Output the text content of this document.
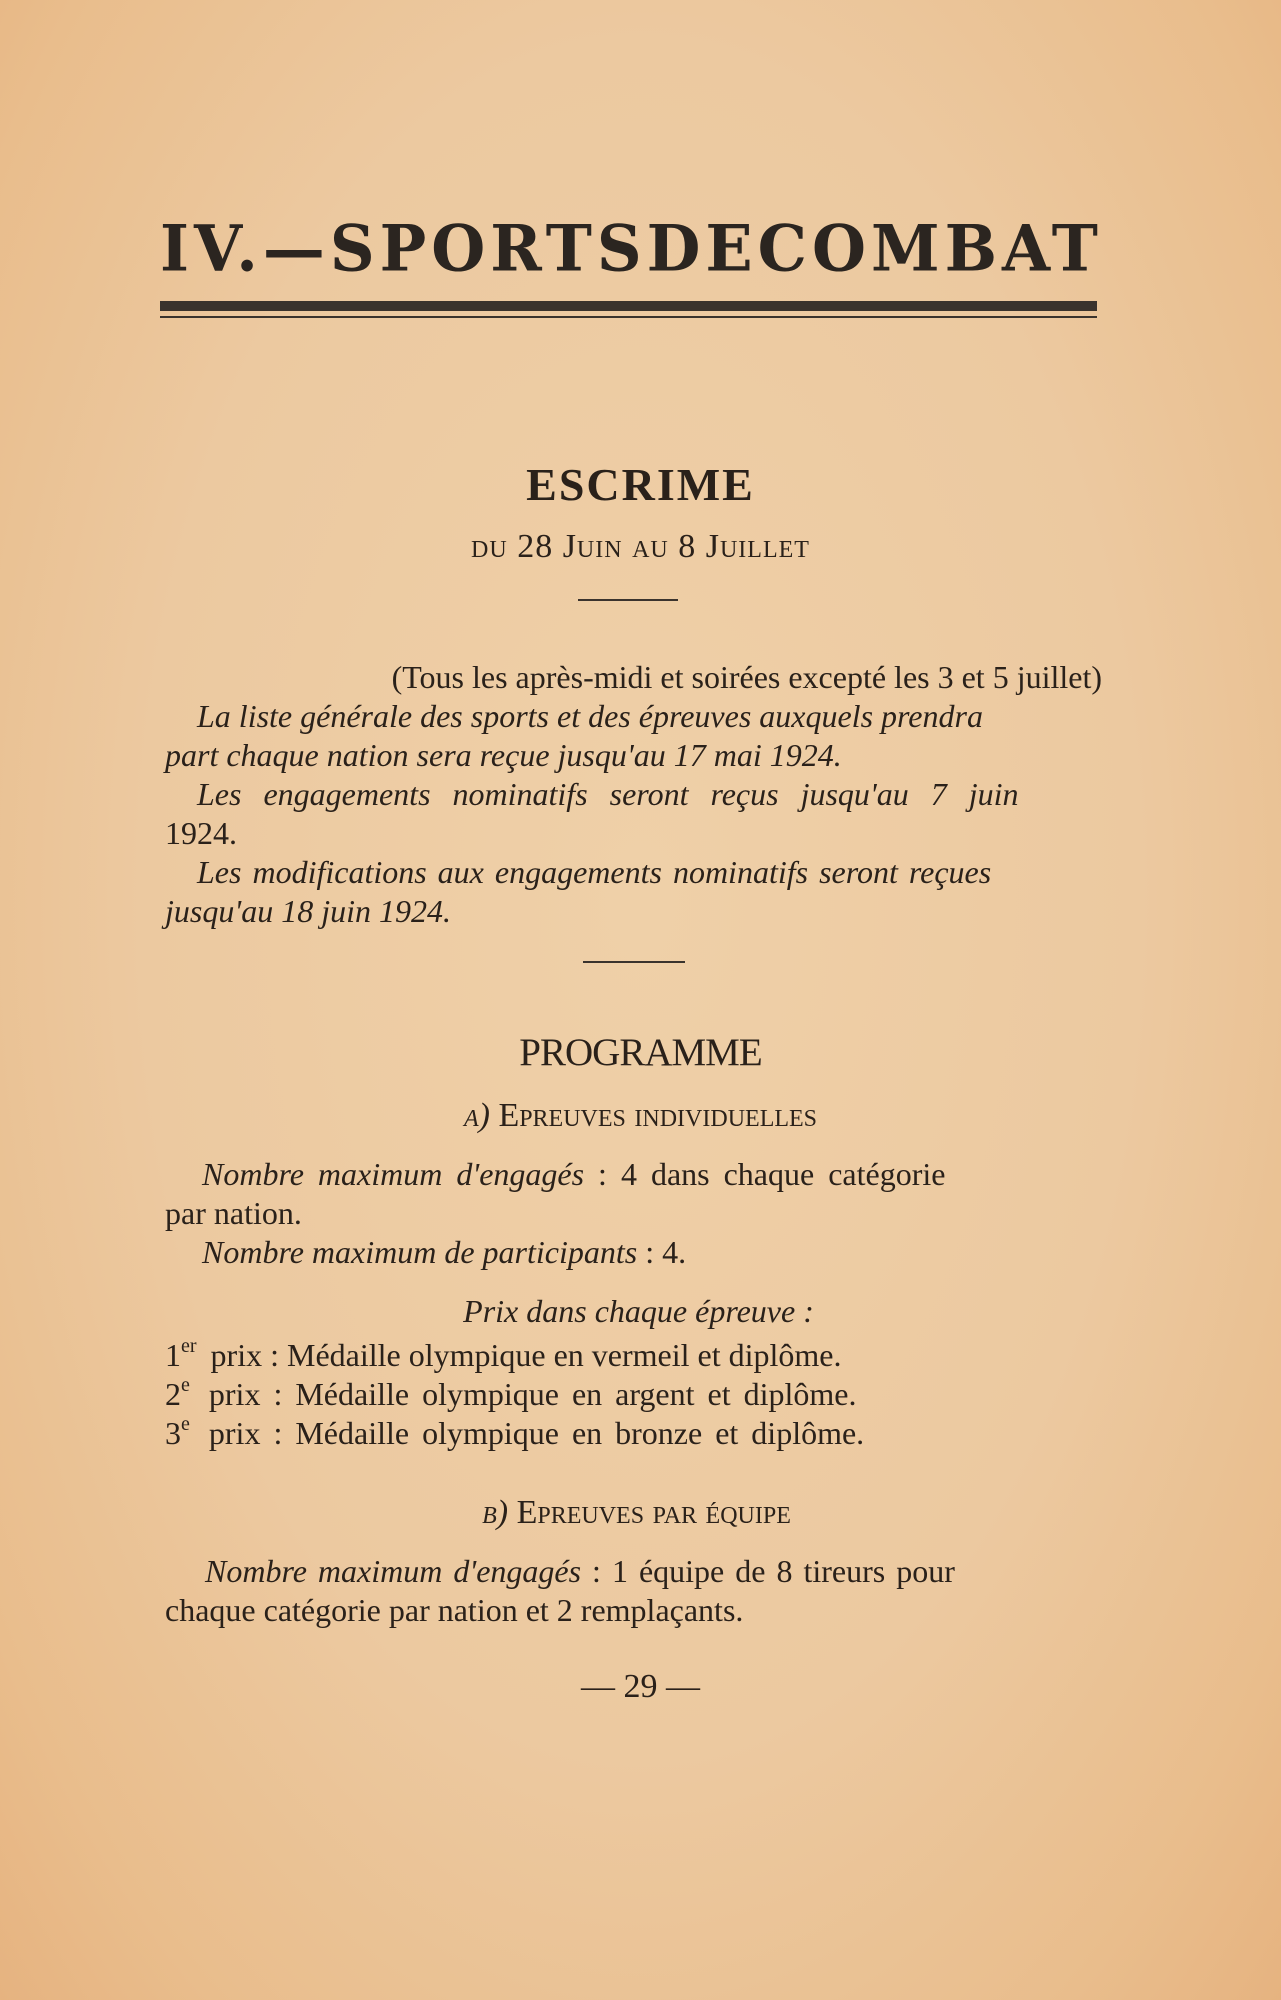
IV. — SPORTS DE COMBAT
ESCRIME
du 28 Juin au 8 Juillet
(Tous les après-midi et soirées excepté les 3 et 5 juillet)
La liste générale des sports et des épreuves auxquels prendra
part chaque nation sera reçue jusqu'au 17 mai 1924.
Les engagements nominatifs seront reçus jusqu'au 7 juin
1924.
Les modifications aux engagements nominatifs seront reçues
jusqu'au 18 juin 1924.
PROGRAMME
a) Epreuves individuelles
Nombre maximum d'engagés : 4 dans chaque catégorie
par nation.
Nombre maximum de participants : 4.
Prix dans chaque épreuve :
1er prix : Médaille olympique en vermeil et diplôme.
2e prix : Médaille olympique en argent et diplôme.
3e prix : Médaille olympique en bronze et diplôme.
b) Epreuves par équipe
Nombre maximum d'engagés : 1 équipe de 8 tireurs pour
chaque catégorie par nation et 2 remplaçants.
— 29 —
